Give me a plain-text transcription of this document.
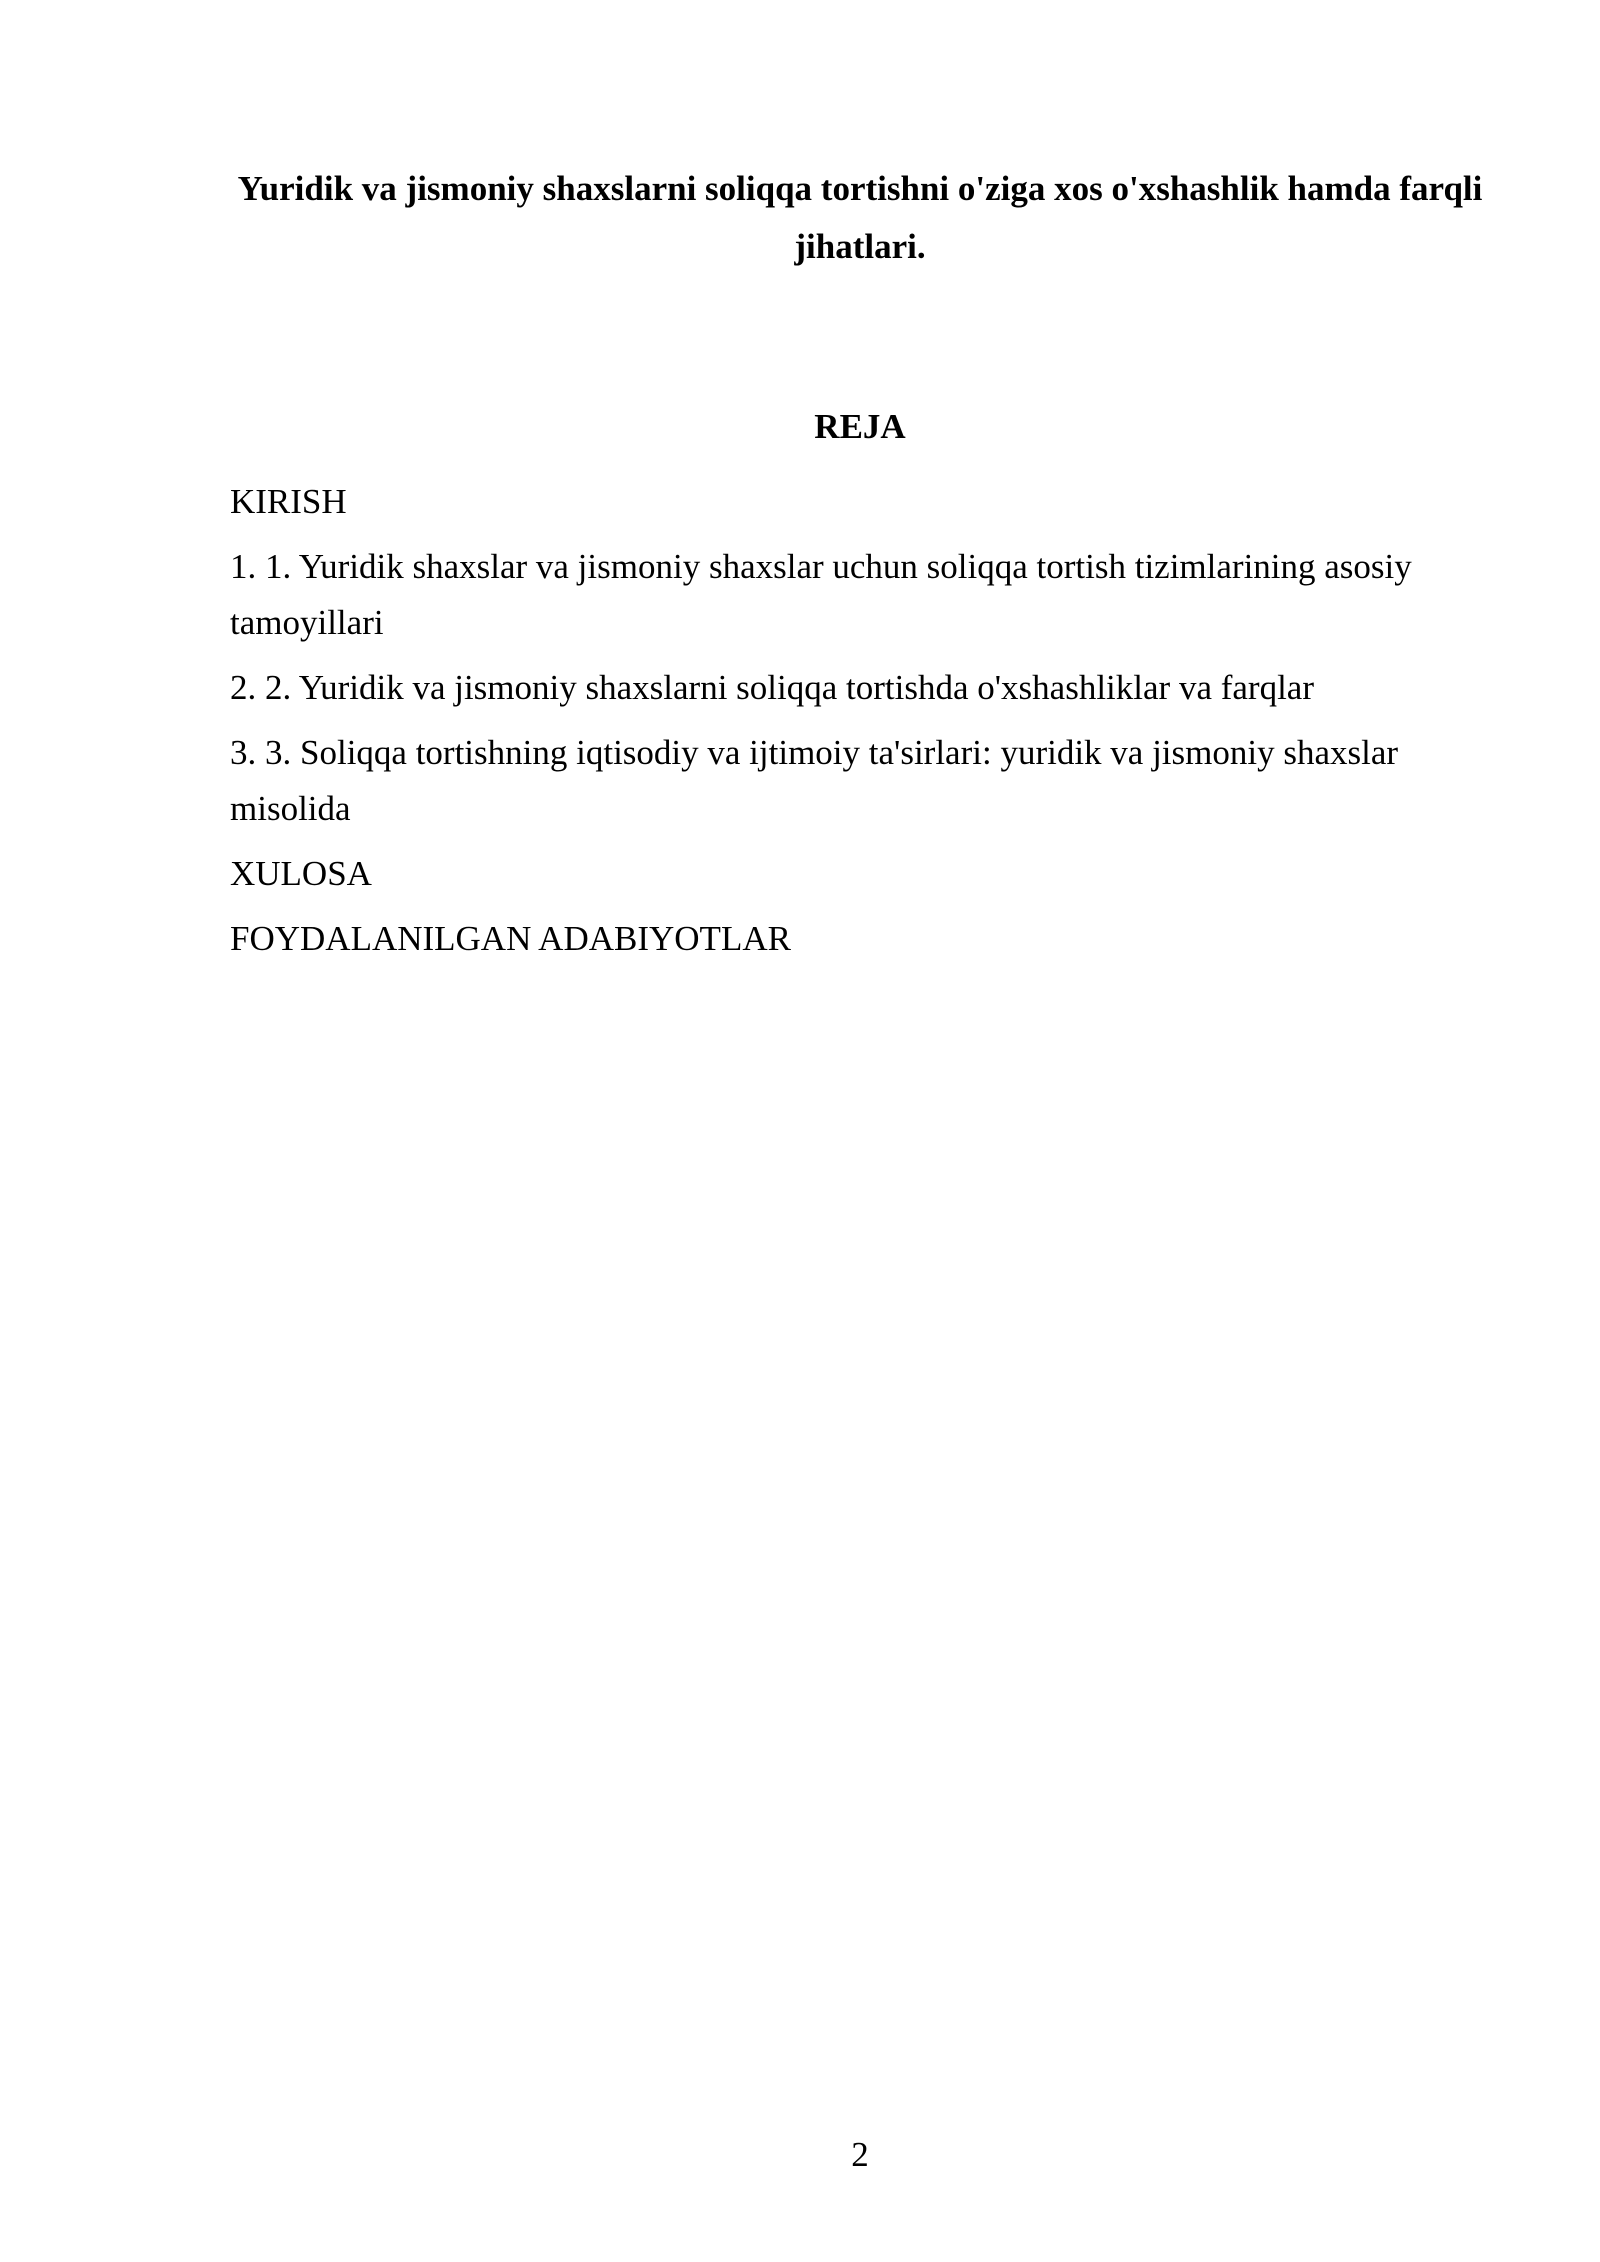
Yuridik va jismoniy shaxslarni soliqqa tortishni o'ziga xos o'xshashlik hamda farqli jihatlari.
REJA
KIRISH
1. 1. Yuridik shaxslar va jismoniy shaxslar uchun soliqqa tortish tizimlarining asosiy tamoyillari
2. 2. Yuridik va jismoniy shaxslarni soliqqa tortishda o'xshashliklar va farqlar
3. 3. Soliqqa tortishning iqtisodiy va ijtimoiy ta'sirlari: yuridik va jismoniy shaxslar misolida
XULOSA
FOYDALANILGAN ADABIYOTLAR
2
